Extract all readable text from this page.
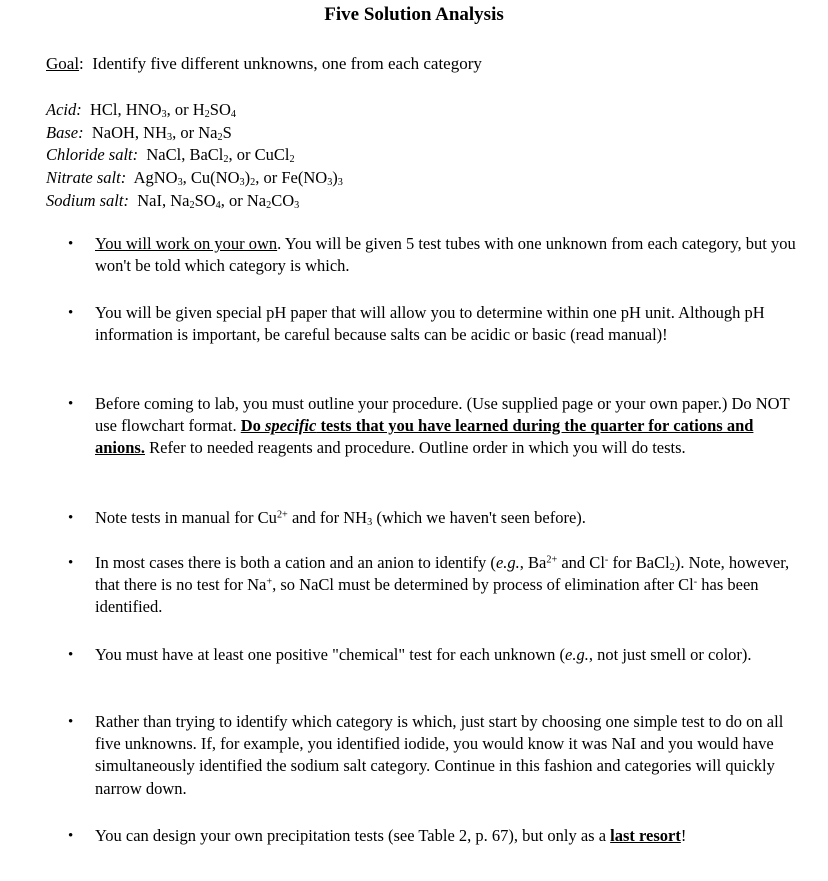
Five Solution Analysis
Goal: Identify five different unknowns, one from each category
Acid: HCl, $HNO_3$, or $H_2SO_4$
Base: NaOH, $NH_3$, or $Na_2S$
Chloride salt: NaCl, BaCl$_2$, or CuCl$_2$
Nitrate salt: AgNO$_3$, $Cu(NO_3)_2$, or $Fe(NO_3)_3$
Sodium salt: NaI, $Na_2SO_4$, or $Na_2CO_3$
• You will work on your own. You will be given 5 test tubes with one unknown from each category, but you won't be told which category is which.
• You will be given special pH paper that will allow you to determine within one pH unit. Although pH information is important, be careful because salts can be acidic or basic (read manual)!
• Before coming to lab, you must outline your procedure. (Use supplied page or your own paper.) Do NOT use flowchart format. Do specific tests that you have learned during the quarter for cations and anions. Refer to needed reagents and procedure. Outline order in which you will do tests.
• Note tests in manual for $Cu^{2+}$ and for $NH_3$ (which we haven't seen before).
• In most cases there is both a cation and an anion to identify (e.g., $Ba^{2+}$ and Cl- for BaCl$_2$). Note, however, that there is no test for Na+, so NaCl must be determined by process of elimination after Cl- has been identified.
• You must have at least one positive "chemical" test for each unknown (e.g., not just smell or color).
• Rather than trying to identify which category is which, just start by choosing one simple test to do on all five unknowns. If, for example, you identified iodide, you would know it was NaI and you would have simultaneously identified the sodium salt category. Continue in this fashion and categories will quickly narrow down.
• You can design your own precipitation tests (see Table 2, p. 67), but only as a last resort!
